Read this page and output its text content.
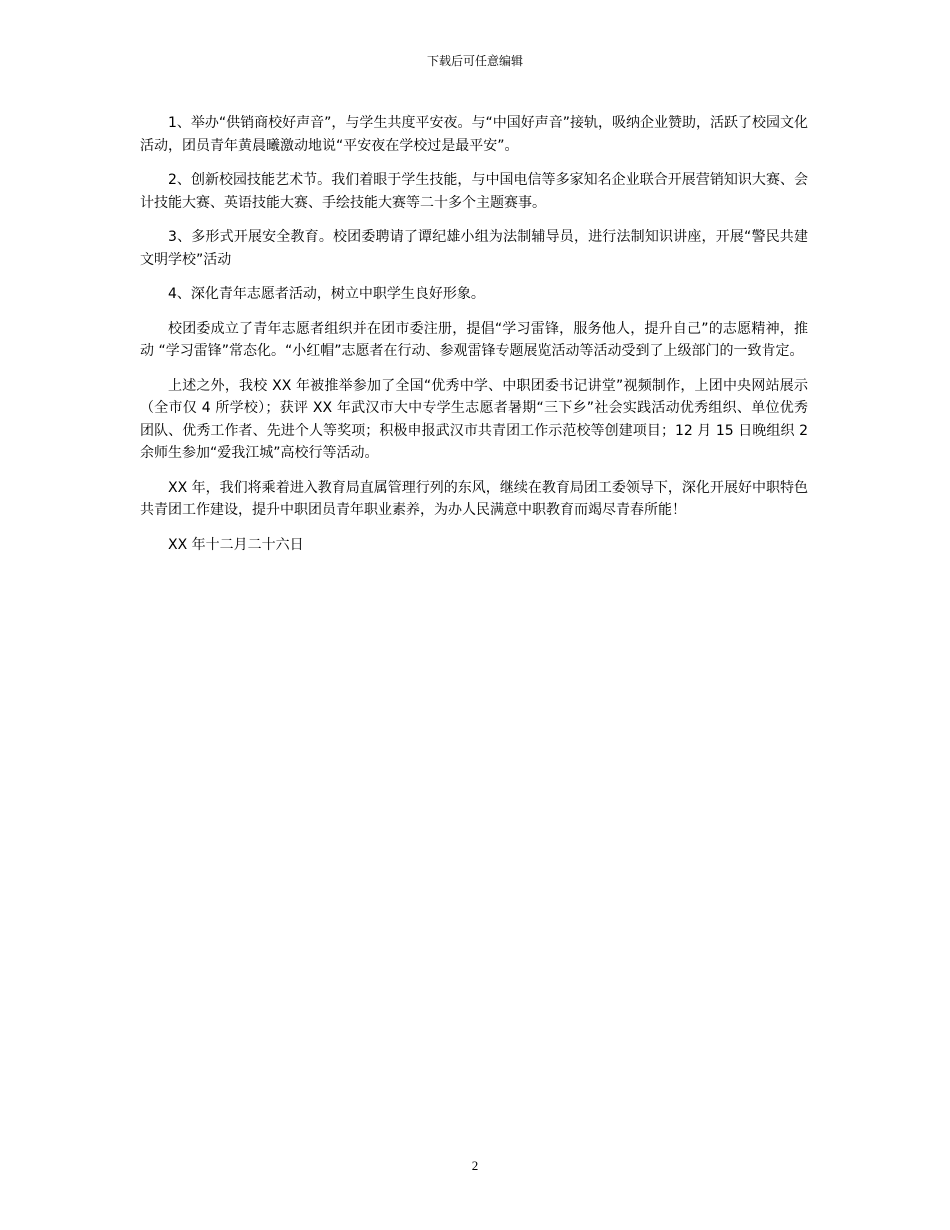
下载后可任意编辑

1、举办“供销商校好声音”，与学生共度平安夜。与“中国好声音”接轨，吸纳企业赞助，活跃了校园文化活动，团员青年黄晨曦激动地说“平安夜在学校过是最平安”。

2、创新校园技能艺术节。我们着眼于学生技能，与中国电信等多家知名企业联合开展营销知识大赛、会计技能大赛、英语技能大赛、手绘技能大赛等二十多个主题赛事。

3、多形式开展安全教育。校团委聘请了谭纪雄小组为法制辅导员，进行法制知识讲座，开展“警民共建文明学校”活动

4、深化青年志愿者活动，树立中职学生良好形象。

校团委成立了青年志愿者组织并在团市委注册，提倡“学习雷锋，服务他人，提升自己”的志愿精神，推动 “学习雷锋”常态化。“小红帽”志愿者在行动、参观雷锋专题展览活动等活动受到了上级部门的一致肯定。

上述之外，我校 XX 年被推举参加了全国“优秀中学、中职团委书记讲堂”视频制作，上团中央网站展示（全市仅 4 所学校）；获评 XX 年武汉市大中专学生志愿者暑期“三下乡”社会实践活动优秀组织、单位优秀团队、优秀工作者、先进个人等奖项；积极申报武汉市共青团工作示范校等创建项目；12 月 15 日晚组织 2 余师生参加“爱我江城”高校行等活动。

XX 年，我们将乘着进入教育局直属管理行列的东风，继续在教育局团工委领导下，深化开展好中职特色共青团工作建设，提升中职团员青年职业素养，为办人民满意中职教育而竭尽青春所能！

XX 年十二月二十六日

2
